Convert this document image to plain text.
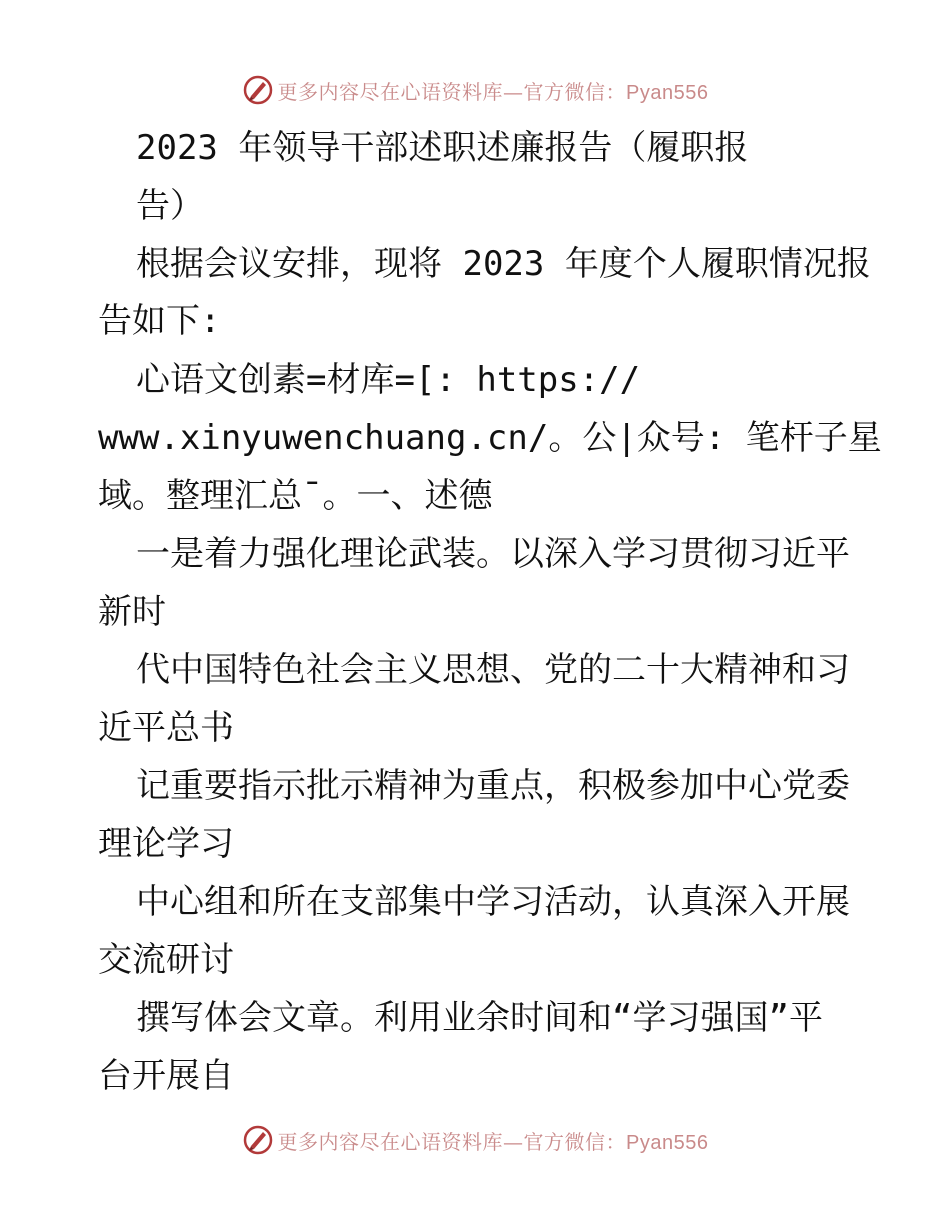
更多内容尽在心语资料库—官方微信：Pyan556
2023 年领导干部述职述廉报告（履职报
告）
根据会议安排，现将 2023 年度个人履职情况报
告如下:
心语文创素=材库=[: https://
www.xinyuwenchuang.cn/。公|众号: 笔杆子星
域。整理汇总¯。一、述德
一是着力强化理论武装。以深入学习贯彻习近平
新时
代中国特色社会主义思想、党的二十大精神和习
近平总书
记重要指示批示精神为重点，积极参加中心党委
理论学习
中心组和所在支部集中学习活动，认真深入开展
交流研讨
撰写体会文章。利用业余时间和“学习强国”平
台开展自
更多内容尽在心语资料库—官方微信：Pyan556
